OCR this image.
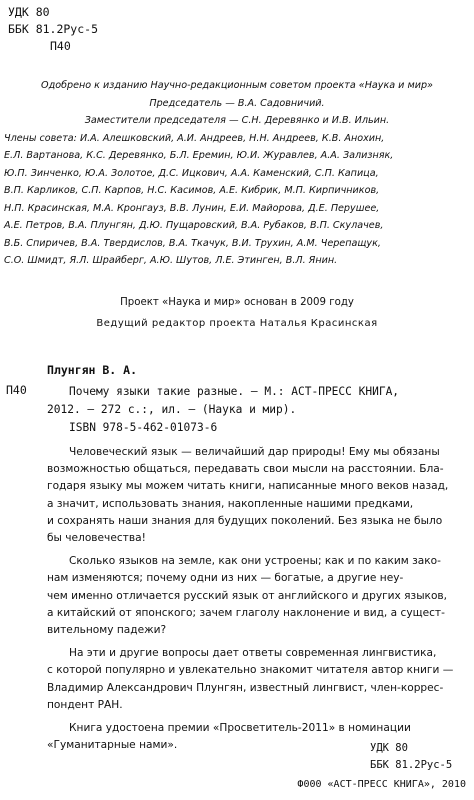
УДК 80
ББК 81.2Рус-5
П40
Одобрено к изданию Научно-редакционным советом проекта «Наука и мир»
Председатель — В.А. Садовничий.
Заместители председателя — С.Н. Деревянко и И.В. Ильин.
Члены совета: И.А. Алешковский, А.И. Андреев, Н.Н. Андреев, К.В. Анохин,
Е.Л. Вартанова, К.С. Деревянко, Б.Л. Еремин, Ю.И. Журавлев, А.А. Зализняк,
Ю.П. Зинченко, Ю.А. Золотое, Д.С. Ицкович, А.А. Каменский, С.П. Капица,
В.П. Карликов, С.П. Карпов, Н.С. Касимов, А.Е. Кибрик, М.П. Кирпичников,
Н.П. Красинская, М.А. Кронгауз, В.В. Лунин, Е.И. Майорова, Д.Е. Перушее,
А.Е. Петров, В.А. Плунгян, Д.Ю. Пущаровский, В.А. Рубаков, В.П. Скулачев,
В.Б. Спиричев, В.А. Твердислов, В.А. Ткачук, В.И. Трухин, А.М. Черепащук,
С.О. Шмидт, Я.Л. Шрайберг, А.Ю. Шутов, Л.Е. Этинген, В.Л. Янин.
Проект «Наука и мир» основан в 2009 году
Ведущий редактор проекта Наталья Красинская
Плунгян В. А.
П40	Почему языки такие разные. — М.: АСТ-ПРЕСС КНИГА,
2012. — 272 с.:, ил. — (Наука и мир).
ISBN 978-5-462-01073-6
Человеческий язык — величайший дар природы! Ему мы обязаны
возможностью общаться, передавать свои мысли на расстоянии. Бла-
годаря языку мы можем читать книги, написанные много веков назад,
а значит, использовать знания, накопленные нашими предками,
и сохранять наши знания для будущих поколений. Без языка не было
бы человечества!
Сколько языков на земле, как они устроены; как и по каким зако-
нам изменяются; почему одни из них — богатые, а другие неу-
чем именно отличается русский язык от английского и других языков,
а китайский от японского; зачем глаголу наклонение и вид, а сущест-
вительному падежи?
На эти и другие вопросы дает ответы современная лингвистика,
с которой популярно и увлекательно знакомит читателя автор книги —
Владимир Александрович Плунгян, известный лингвист, член-коррес-
пондент РАН.
Книга удостоена премии «Просветитель-2011» в номинации
«Гуманитарные нами».	УДК 80
ББК 81.2Рус-5
Ф000 «АСТ-ПРЕСС КНИГА», 2010
